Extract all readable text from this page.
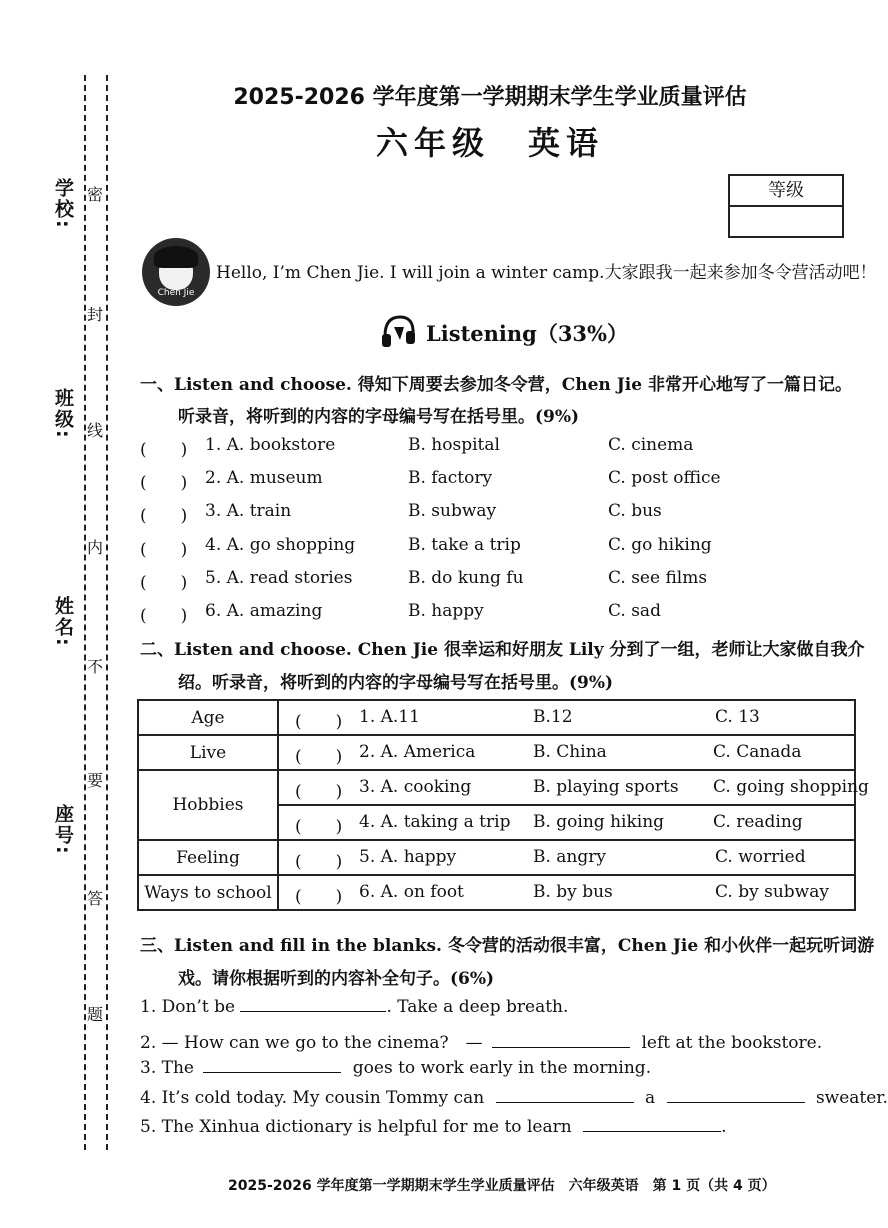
学校:
班级:
姓名:
座号:
密
封
线
内
不
要
答
题
2025-2026 学年度第一学期期末学生学业质量评估
六年级　英语
等级
Chen Jie
Hello, I’m Chen Jie. I will join a winter camp.大家跟我一起来参加冬令营活动吧！
Listening（33%）
一、Listen and choose. 得知下周要去参加冬令营，Chen Jie 非常开心地写了一篇日记。
听录音，将听到的内容的字母编号写在括号里。(9%)
(　　) 1. A. bookstore	B. hospital	C. cinema
(　　) 2. A. museum	B. factory	C. post office
(　　) 3. A. train	B. subway	C. bus
(　　) 4. A. go shopping	B. take a trip	C. go hiking
(　　) 5. A. read stories	B. do kung fu	C. see films
(　　) 6. A. amazing	B. happy	C. sad
二、Listen and choose. Chen Jie 很幸运和好朋友 Lily 分到了一组，老师让大家做自我介
绍。听录音，将听到的内容的字母编号写在括号里。(9%)
Age	(　　) 1. A.11 B.12 C. 13

Live	(　　) 2. A. America B. China C. Canada

Hobbies	(　　) 3. A. cooking B. playing sports C. going shopping

	(　　) 4. A. taking a trip B. going hiking C. reading

Feeling	(　　) 5. A. happy B. angry C. worried

Ways to school	(　　) 6. A. on foot B. by bus C. by subway
三、Listen and fill in the blanks. 冬令营的活动很丰富，Chen Jie 和小伙伴一起玩听词游
戏。请你根据听到的内容补全句子。(6%)
1. Don’t be	. Take a deep breath.
2. — How can we go to the cinema?　—	left at the bookstore.
3. The	goes to work early in the morning.
4. It’s cold today. My cousin Tommy can	a	sweater.
5. The Xinhua dictionary is helpful for me to learn	.
2025-2026 学年度第一学期期末学生学业质量评估　六年级英语　第 1 页（共 4 页）
